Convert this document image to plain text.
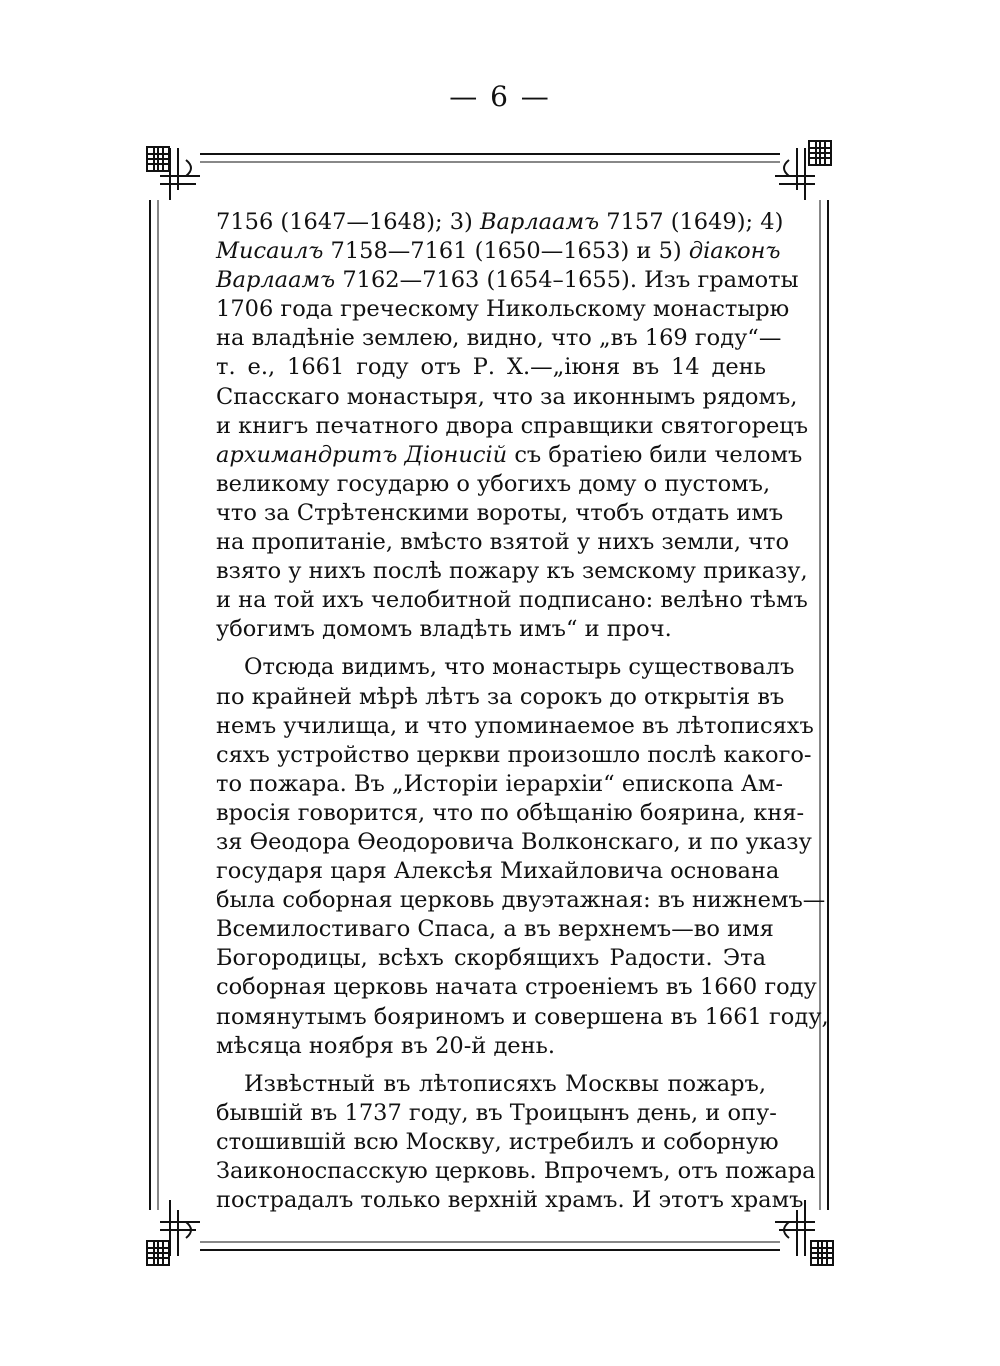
— 6 —
7156 (1647—1648); 3) Варлаамъ 7157 (1649); 4)
Мисаилъ 7158—7161 (1650—1653) и 5) діаконъ
Варлаамъ 7162—7163 (1654–1655). Изъ грамоты
1706 года греческому Никольскому монастырю
на владѣніе землею, видно, что „въ 169 году“—
т. е., 1661 году отъ Р. Х.—„іюня въ 14 день
Спасскаго монастыря, что за иконнымъ рядомъ,
и книгъ печатного двора справщики святогорецъ
архимандритъ Діонисій съ братіею били челомъ
великому государю о убогихъ дому о пустомъ,
что за Стрѣтенскими вороты, чтобъ отдать имъ
на пропитаніе, вмѣсто взятой у нихъ земли, что
взято у нихъ послѣ пожару къ земскому приказу,
и на той ихъ челобитной подписано: велѣно тѣмъ
убогимъ домомъ владѣть имъ“ и проч.
Отсюда видимъ, что монастырь существовалъ
по крайней мѣрѣ лѣтъ за сорокъ до открытія въ
немъ училища, и что упоминаемое въ лѣтописяхъ
сяхъ устройство церкви произошло послѣ какого-
то пожара. Въ „Исторіи іерархіи“ епископа Ам-
вросія говорится, что по обѣщанію боярина, кня-
зя Ѳеодора Ѳеодоровича Волконскаго, и по указу
государя царя Алексѣя Михайловича основана
была соборная церковь двуэтажная: въ нижнемъ—
Всемилостиваго Спаса, а въ верхнемъ—во имя
Богородицы, всѣхъ скорбящихъ Радости. Эта
соборная церковь начата строеніемъ въ 1660 году
помянутымъ бояриномъ и совершена въ 1661 году,
мѣсяца ноября въ 20-й день.
Извѣстный въ лѣтописяхъ Москвы пожаръ,
бывшій въ 1737 году, въ Троицынъ день, и опу-
стошившій всю Москву, истребилъ и соборную
Заиконоспасскую церковь. Впрочемъ, отъ пожара
пострадалъ только верхній храмъ. И этотъ храмъ
